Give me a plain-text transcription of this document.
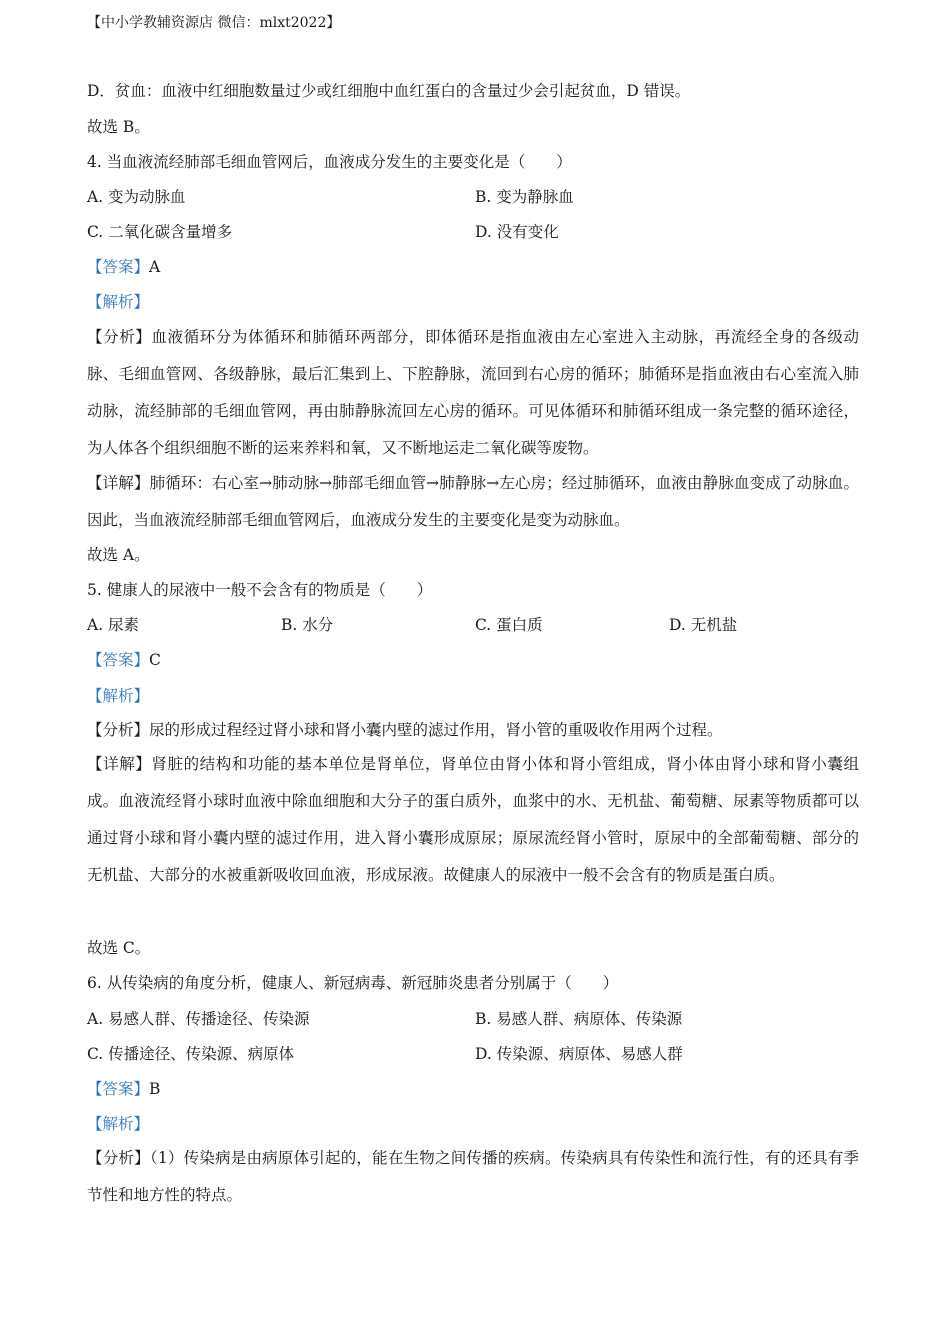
【中小学教辅资源店 微信：mlxt2022】
D．贫血：血液中红细胞数量过少或红细胞中血红蛋白的含量过少会引起贫血，D 错误。
故选 B。
4. 当血液流经肺部毛细血管网后，血液成分发生的主要变化是（　　）
A. 变为动脉血	B. 变为静脉血
C. 二氧化碳含量增多	D. 没有变化
【答案】A
【解析】
【分析】血液循环分为体循环和肺循环两部分，即体循环是指血液由左心室进入主动脉，再流经全身的各级动脉、毛细血管网、各级静脉，最后汇集到上、下腔静脉，流回到右心房的循环；肺循环是指血液由右心室流入肺动脉，流经肺部的毛细血管网，再由肺静脉流回左心房的循环。可见体循环和肺循环组成一条完整的循环途径，为人体各个组织细胞不断的运来养料和氧，又不断地运走二氧化碳等废物。
【详解】肺循环：右心室→肺动脉→肺部毛细血管→肺静脉→左心房；经过肺循环，血液由静脉血变成了动脉血。因此，当血液流经肺部毛细血管网后，血液成分发生的主要变化是变为动脉血。
故选 A。
5. 健康人的尿液中一般不会含有的物质是（　　）
A. 尿素	B. 水分	C. 蛋白质	D. 无机盐
【答案】C
【解析】
【分析】尿的形成过程经过肾小球和肾小囊内壁的滤过作用，肾小管的重吸收作用两个过程。
【详解】肾脏的结构和功能的基本单位是肾单位，肾单位由肾小体和肾小管组成，肾小体由肾小球和肾小囊组成。血液流经肾小球时血液中除血细胞和大分子的蛋白质外，血浆中的水、无机盐、葡萄糖、尿素等物质都可以通过肾小球和肾小囊内壁的滤过作用，进入肾小囊形成原尿；原尿流经肾小管时，原尿中的全部葡萄糖、部分的无机盐、大部分的水被重新吸收回血液，形成尿液。故健康人的尿液中一般不会含有的物质是蛋白质。
故选 C。
6. 从传染病的角度分析，健康人、新冠病毒、新冠肺炎患者分别属于（　　）
A. 易感人群、传播途径、传染源	B. 易感人群、病原体、传染源
C. 传播途径、传染源、病原体	D. 传染源、病原体、易感人群
【答案】B
【解析】
【分析】（1）传染病是由病原体引起的，能在生物之间传播的疾病。传染病具有传染性和流行性，有的还具有季节性和地方性的特点。
